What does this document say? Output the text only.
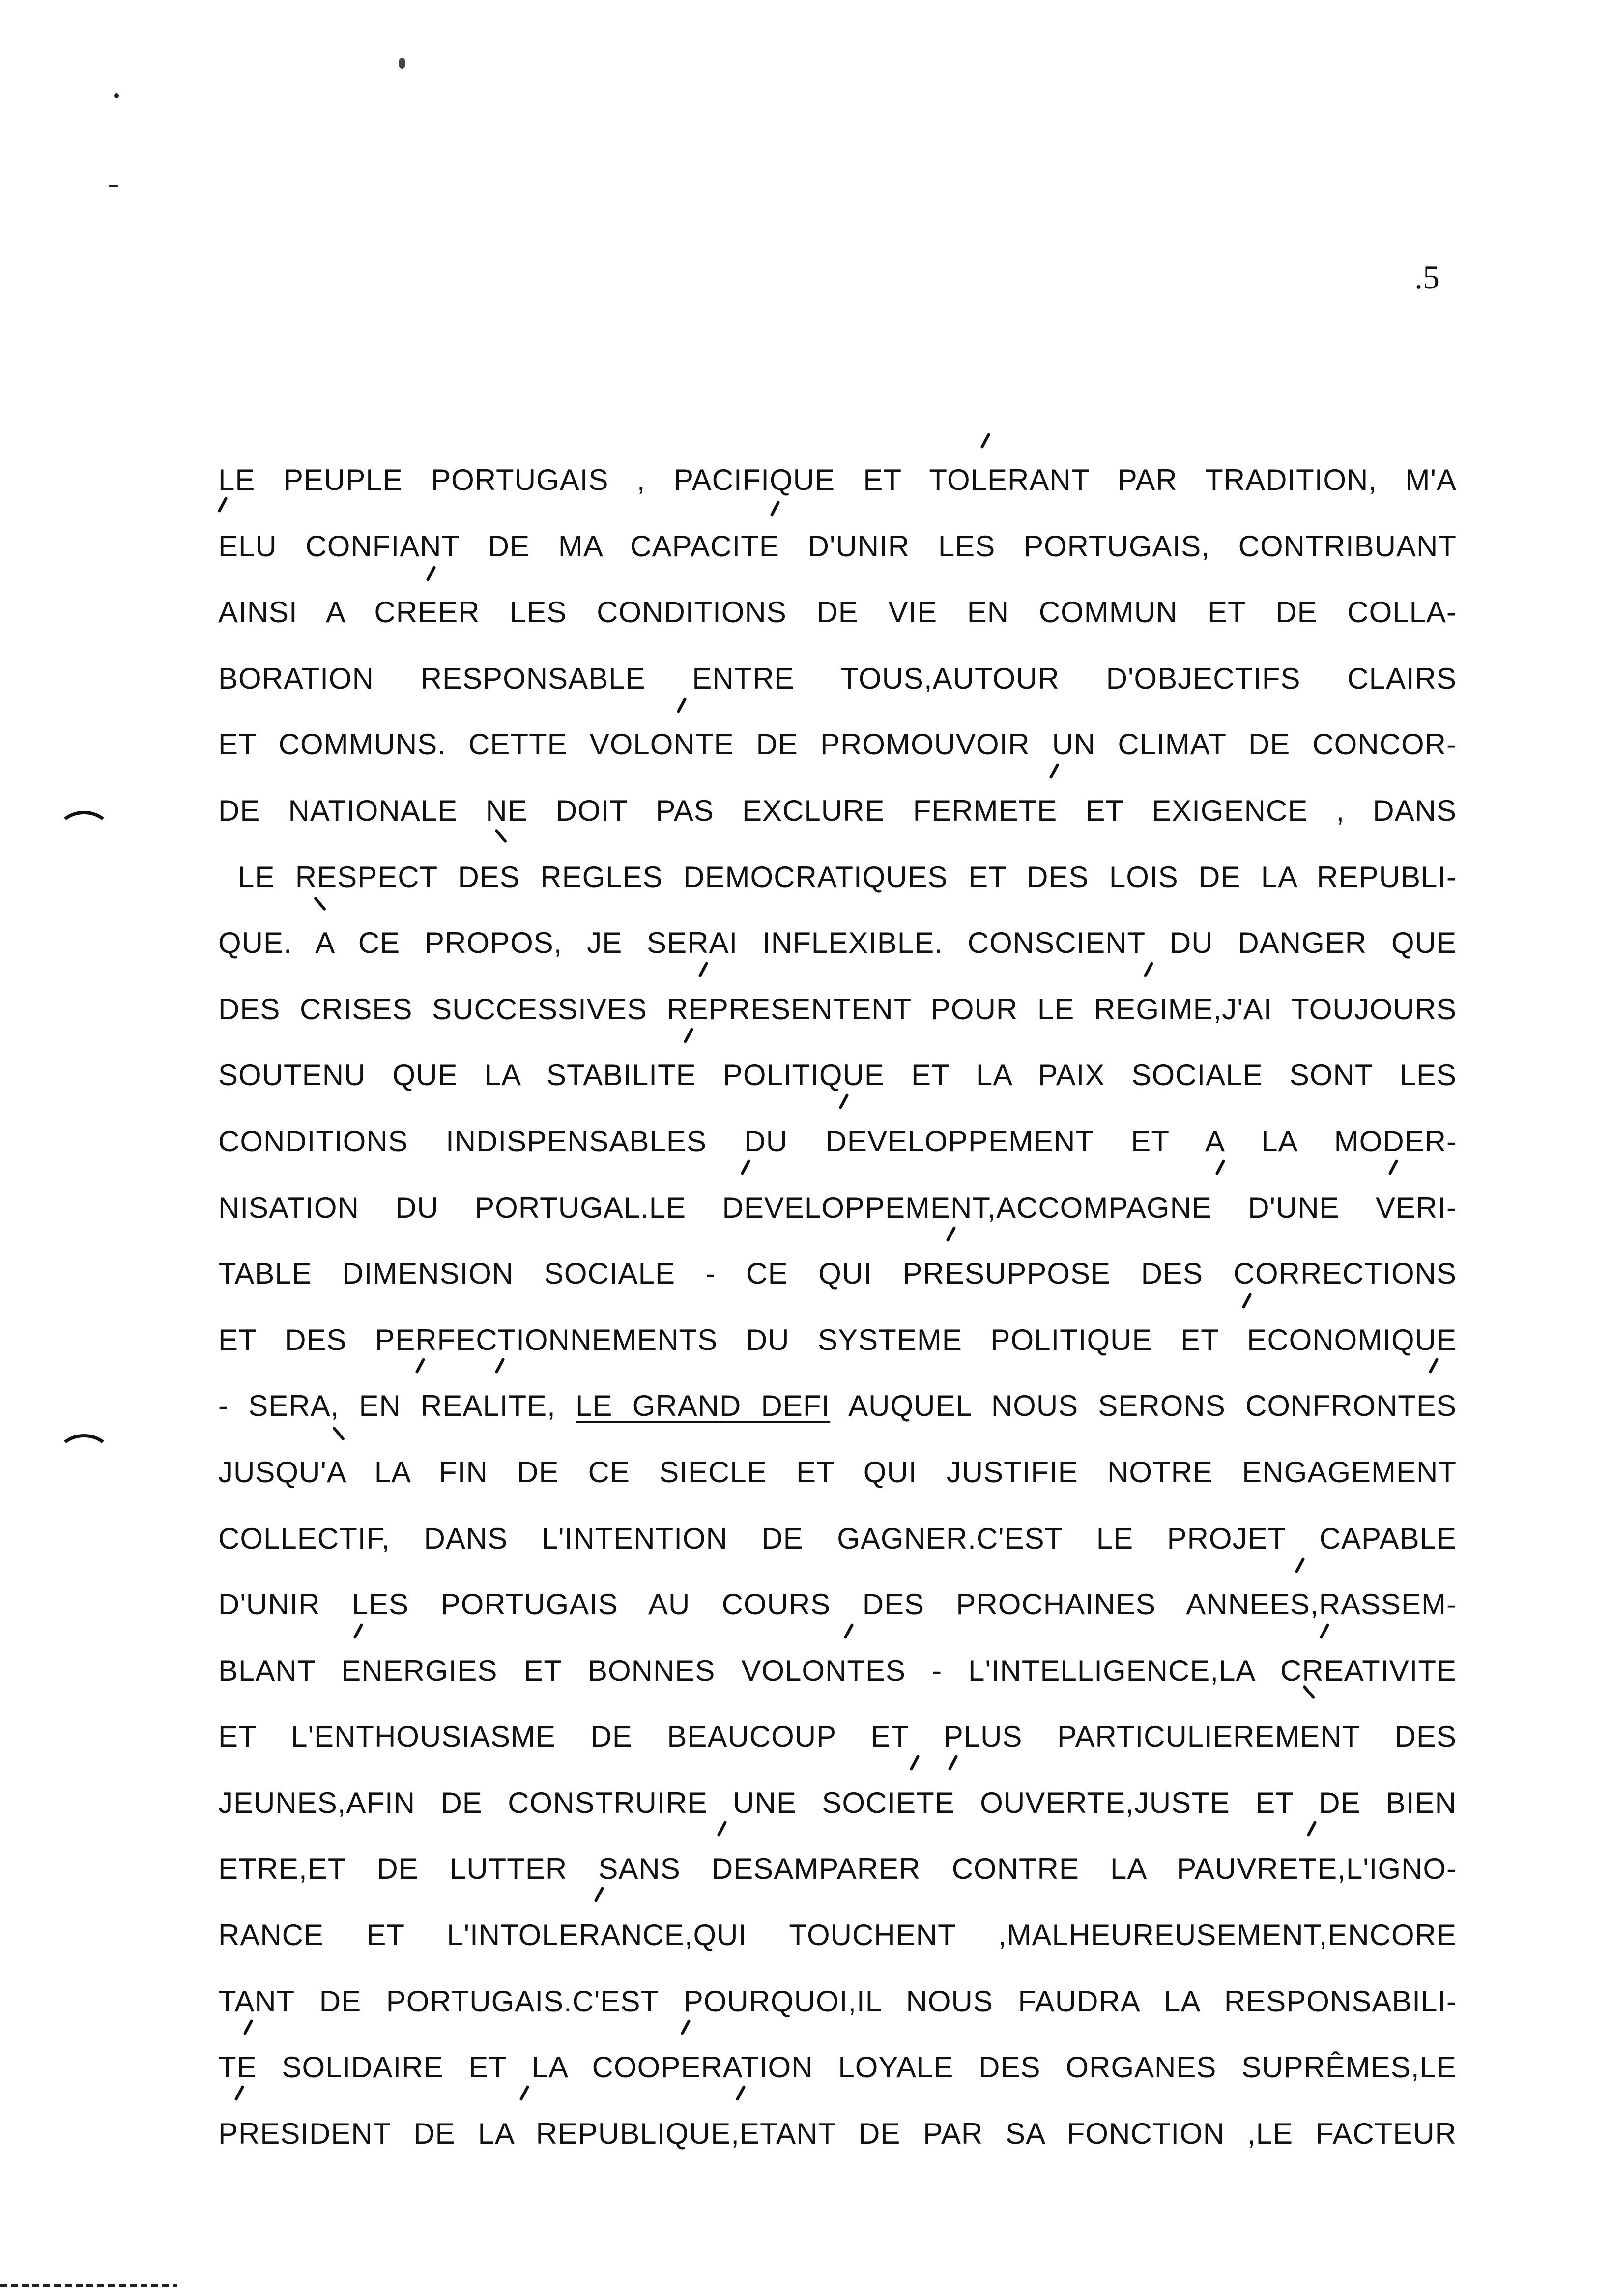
.5
LE PEUPLE PORTUGAIS , PACIFIQUE ET TOLERANT PAR TRADITION, M'A
ELU CONFIANT DE MA CAPACITE D'UNIR LES PORTUGAIS, CONTRIBUANT
AINSI A CREER LES CONDITIONS DE VIE EN COMMUN ET DE COLLA-
BORATION RESPONSABLE ENTRE TOUS,AUTOUR D'OBJECTIFS CLAIRS
ET COMMUNS. CETTE VOLONTE DE PROMOUVOIR UN CLIMAT DE CONCOR-
DE NATIONALE NE DOIT PAS EXCLURE FERMETE ET EXIGENCE , DANS
LE RESPECT DES REGLES DEMOCRATIQUES ET DES LOIS DE LA REPUBLI-
QUE. A CE PROPOS, JE SERAI INFLEXIBLE. CONSCIENT DU DANGER QUE
DES CRISES SUCCESSIVES REPRESENTENT POUR LE REGIME,J'AI TOUJOURS
SOUTENU QUE LA STABILITE POLITIQUE ET LA PAIX SOCIALE SONT LES
CONDITIONS INDISPENSABLES DU DEVELOPPEMENT ET A LA MODER-
NISATION DU PORTUGAL.LE DEVELOPPEMENT,ACCOMPAGNE D'UNE VERI-
TABLE DIMENSION SOCIALE - CE QUI PRESUPPOSE DES CORRECTIONS
ET DES PERFECTIONNEMENTS DU SYSTEME POLITIQUE ET ECONOMIQUE
- SERA, EN REALITE, LE GRAND DEFI AUQUEL NOUS SERONS CONFRONTES
JUSQU'A LA FIN DE CE SIECLE ET QUI JUSTIFIE NOTRE ENGAGEMENT
COLLECTIF, DANS L'INTENTION DE GAGNER.C'EST LE PROJET CAPABLE
D'UNIR LES PORTUGAIS AU COURS DES PROCHAINES ANNEES,RASSEM-
BLANT ENERGIES ET BONNES VOLONTES - L'INTELLIGENCE,LA CREATIVITE
ET L'ENTHOUSIASME DE BEAUCOUP ET PLUS PARTICULIEREMENT DES
JEUNES,AFIN DE CONSTRUIRE UNE SOCIETE OUVERTE,JUSTE ET DE BIEN
ETRE,ET DE LUTTER SANS DESAMPARER CONTRE LA PAUVRETE,L'IGNO-
RANCE ET L'INTOLERANCE,QUI TOUCHENT ,MALHEUREUSEMENT,ENCORE
TANT DE PORTUGAIS.C'EST POURQUOI,IL NOUS FAUDRA LA RESPONSABILI-
TE SOLIDAIRE ET LA COOPERATION LOYALE DES ORGANES SUPRÊMES,LE
PRESIDENT DE LA REPUBLIQUE,ETANT DE PAR SA FONCTION ,LE FACTEUR
